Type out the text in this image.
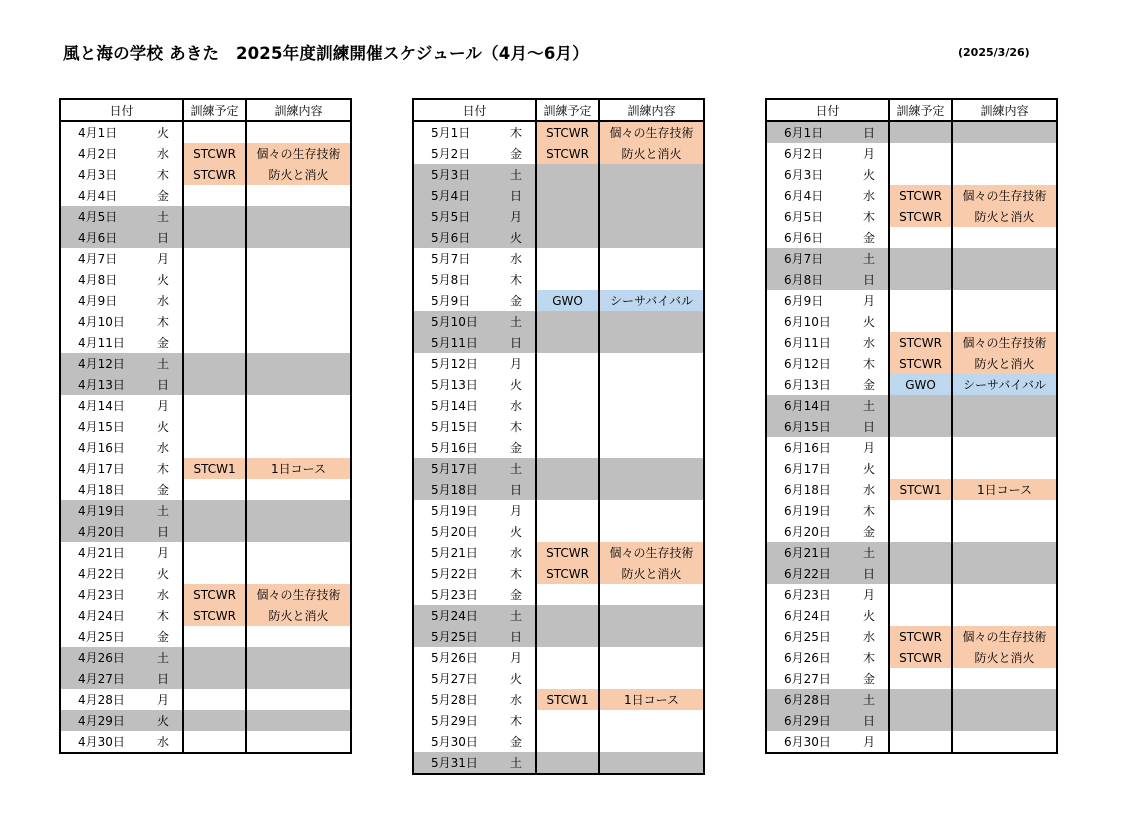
風と海の学校 あきた　2025年度訓練開催スケジュール（4月～6月）	(2025/3/26)
日付		訓練予定	訓練内容
4月1日	火		
4月2日	水	STCWR	個々の生存技術
4月3日	木	STCWR	防火と消火
4月4日	金		
4月5日	土		
4月6日	日		
4月7日	月		
4月8日	火		
4月9日	水		
4月10日	木		
4月11日	金		
4月12日	土		
4月13日	日		
4月14日	月		
4月15日	火		
4月16日	水		
4月17日	木	STCW1	1日コース
4月18日	金		
4月19日	土		
4月20日	日		
4月21日	月		
4月22日	火		
4月23日	水	STCWR	個々の生存技術
4月24日	木	STCWR	防火と消火
4月25日	金		
4月26日	土		
4月27日	日		
4月28日	月		
4月29日	火		
4月30日	水		
日付		訓練予定	訓練内容
5月1日	木	STCWR	個々の生存技術
5月2日	金	STCWR	防火と消火
5月3日	土		
5月4日	日		
5月5日	月		
5月6日	火		
5月7日	水		
5月8日	木		
5月9日	金	GWO	シーサバイバル
5月10日	土		
5月11日	日		
5月12日	月		
5月13日	火		
5月14日	水		
5月15日	木		
5月16日	金		
5月17日	土		
5月18日	日		
5月19日	月		
5月20日	火		
5月21日	水	STCWR	個々の生存技術
5月22日	木	STCWR	防火と消火
5月23日	金		
5月24日	土		
5月25日	日		
5月26日	月		
5月27日	火		
5月28日	水	STCW1	1日コース
5月29日	木		
5月30日	金		
5月31日	土		
日付		訓練予定	訓練内容
6月1日	日		
6月2日	月		
6月3日	火		
6月4日	水	STCWR	個々の生存技術
6月5日	木	STCWR	防火と消火
6月6日	金		
6月7日	土		
6月8日	日		
6月9日	月		
6月10日	火		
6月11日	水	STCWR	個々の生存技術
6月12日	木	STCWR	防火と消火
6月13日	金	GWO	シーサバイバル
6月14日	土		
6月15日	日		
6月16日	月		
6月17日	火		
6月18日	水	STCW1	1日コース
6月19日	木		
6月20日	金		
6月21日	土		
6月22日	日		
6月23日	月		
6月24日	火		
6月25日	水	STCWR	個々の生存技術
6月26日	木	STCWR	防火と消火
6月27日	金		
6月28日	土		
6月29日	日		
6月30日	月		
